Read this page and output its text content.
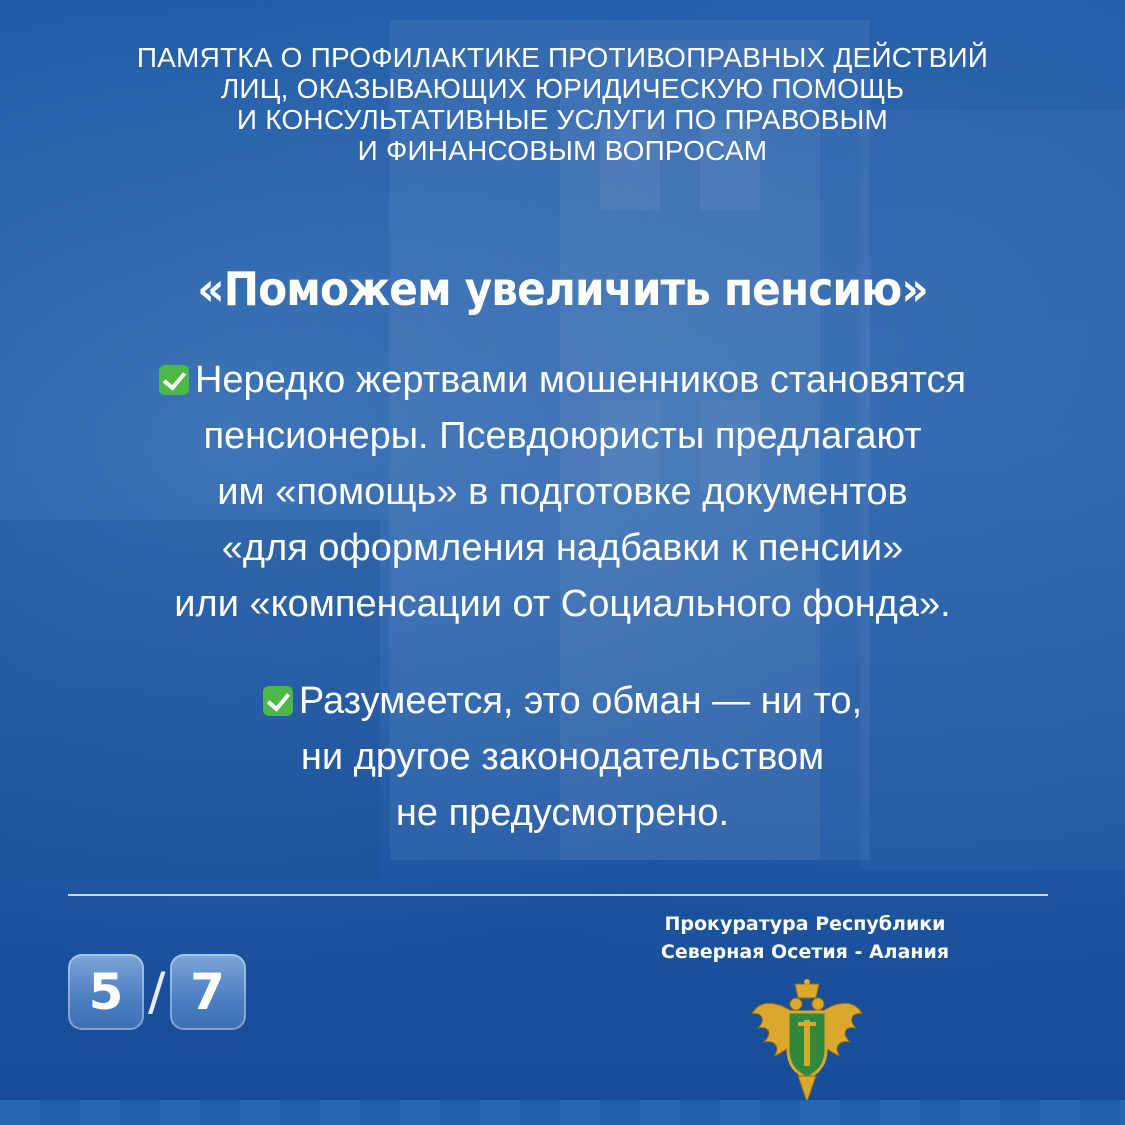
ПАМЯТКА О ПРОФИЛАКТИКЕ ПРОТИВОПРАВНЫХ ДЕЙСТВИЙ
ЛИЦ, ОКАЗЫВАЮЩИХ ЮРИДИЧЕСКУЮ ПОМОЩЬ
И КОНСУЛЬТАТИВНЫЕ УСЛУГИ ПО ПРАВОВЫМ
И ФИНАНСОВЫМ ВОПРОСАМ
«Поможем увеличить пенсию»
Нередко жертвами мошенников становятся
пенсионеры. Псевдоюристы предлагают
им «помощь» в подготовке документов
«для оформления надбавки к пенсии»
или «компенсации от Социального фонда».
Разумеется, это обман — ни то,
ни другое законодательством
не предусмотрено.
5 / 7
Прокуратура Республики
Северная Осетия - Алания
